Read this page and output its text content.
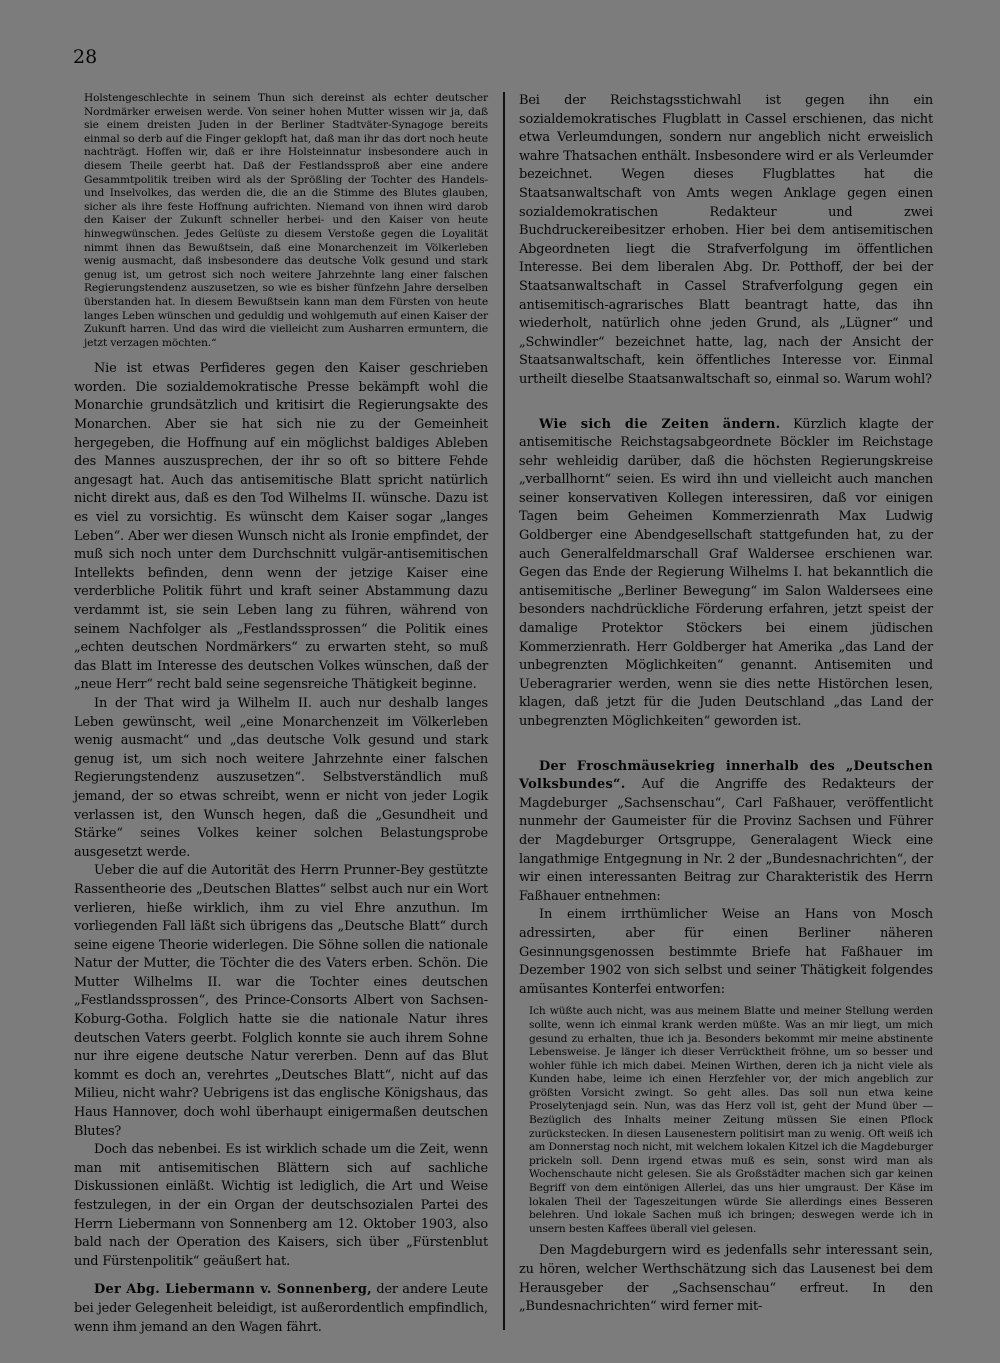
28

Holstengeschlechte in seinem Thun sich dereinst als echter deutscher Nordmärker erweisen werde. Von seiner hohen Mutter wissen wir ja, daß sie einem dreisten Juden in der Berliner Stadtväter-Synagoge bereits einmal so derb auf die Finger geklopft hat, daß man ihr das dort noch heute nachträgt. Hoffen wir, daß er ihre Holsteinnatur insbesondere auch in diesem Theile geerbt hat. Daß der Festlandssproß aber eine andere Gesammtpolitik treiben wird als der Sprößling der Tochter des Handels- und Inselvolkes, das werden die, die an die Stimme des Blutes glauben, sicher als ihre feste Hoffnung aufrichten. Niemand von ihnen wird darob den Kaiser der Zukunft schneller herbei- und den Kaiser von heute hinwegwünschen. Jedes Gelüste zu diesem Verstoße gegen die Loyalität nimmt ihnen das Bewußtsein, daß eine Monarchenzeit im Völkerleben wenig ausmacht, daß insbesondere das deutsche Volk gesund und stark genug ist, um getrost sich noch weitere Jahrzehnte lang einer falschen Regierungstendenz auszusetzen, so wie es bisher fünfzehn Jahre derselben überstanden hat. In diesem Bewußtsein kann man dem Fürsten von heute langes Leben wünschen und geduldig und wohlgemuth auf einen Kaiser der Zukunft harren. Und das wird die vielleicht zum Ausharren ermuntern, die jetzt verzagen möchten.“

Nie ist etwas Perfideres gegen den Kaiser geschrieben worden. Die sozialdemokratische Presse bekämpft wohl die Monarchie grundsätzlich und kritisirt die Regierungsakte des Monarchen. Aber sie hat sich nie zu der Gemeinheit hergegeben, die Hoffnung auf ein möglichst baldiges Ableben des Mannes auszusprechen, der ihr so oft so bittere Fehde angesagt hat. Auch das antisemitische Blatt spricht natürlich nicht direkt aus, daß es den Tod Wilhelms II. wünsche. Dazu ist es viel zu vorsichtig. Es wünscht dem Kaiser sogar „langes Leben“. Aber wer diesen Wunsch nicht als Ironie empfindet, der muß sich noch unter dem Durchschnitt vulgär-antisemitischen Intellekts befinden, denn wenn der jetzige Kaiser eine verderbliche Politik führt und kraft seiner Abstammung dazu verdammt ist, sie sein Leben lang zu führen, während von seinem Nachfolger als „Festlandssprossen“ die Politik eines „echten deutschen Nordmärkers“ zu erwarten steht, so muß das Blatt im Interesse des deutschen Volkes wünschen, daß der „neue Herr“ recht bald seine segensreiche Thätigkeit beginne.

In der That wird ja Wilhelm II. auch nur deshalb langes Leben gewünscht, weil „eine Monarchenzeit im Völkerleben wenig ausmacht“ und „das deutsche Volk gesund und stark genug ist, um sich noch weitere Jahrzehnte einer falschen Regierungstendenz auszusetzen“. Selbstverständlich muß jemand, der so etwas schreibt, wenn er nicht von jeder Logik verlassen ist, den Wunsch hegen, daß die „Gesundheit und Stärke“ seines Volkes keiner solchen Belastungsprobe ausgesetzt werde.

Ueber die auf die Autorität des Herrn Prunner-Bey gestützte Rassentheorie des „Deutschen Blattes“ selbst auch nur ein Wort verlieren, hieße wirklich, ihm zu viel Ehre anzuthun. Im vorliegenden Fall läßt sich übrigens das „Deutsche Blatt“ durch seine eigene Theorie widerlegen. Die Söhne sollen die nationale Natur der Mutter, die Töchter die des Vaters erben. Schön. Die Mutter Wilhelms II. war die Tochter eines deutschen „Festlandssprossen“, des Prince-Consorts Albert von Sachsen-Koburg-Gotha. Folglich hatte sie die nationale Natur ihres deutschen Vaters geerbt. Folglich konnte sie auch ihrem Sohne nur ihre eigene deutsche Natur vererben. Denn auf das Blut kommt es doch an, verehrtes „Deutsches Blatt“, nicht auf das Milieu, nicht wahr? Uebrigens ist das englische Königshaus, das Haus Hannover, doch wohl überhaupt einigermaßen deutschen Blutes?

Doch das nebenbei. Es ist wirklich schade um die Zeit, wenn man mit antisemitischen Blättern sich auf sachliche Diskussionen einläßt. Wichtig ist lediglich, die Art und Weise festzulegen, in der ein Organ der deutschsozialen Partei des Herrn Liebermann von Sonnenberg am 12. Oktober 1903, also bald nach der Operation des Kaisers, sich über „Fürstenblut und Fürstenpolitik“ geäußert hat.

Der Abg. Liebermann v. Sonnenberg, der andere Leute bei jeder Gelegenheit beleidigt, ist außerordentlich empfindlich, wenn ihm jemand an den Wagen fährt.

Bei der Reichstagsstichwahl ist gegen ihn ein sozialdemokratisches Flugblatt in Cassel erschienen, das nicht etwa Verleumdungen, sondern nur angeblich nicht erweislich wahre Thatsachen enthält. Insbesondere wird er als Verleumder bezeichnet. Wegen dieses Flugblattes hat die Staatsanwaltschaft von Amts wegen Anklage gegen einen sozialdemokratischen Redakteur und zwei Buchdruckereibesitzer erhoben. Hier bei dem antisemitischen Abgeordneten liegt die Strafverfolgung im öffentlichen Interesse. Bei dem liberalen Abg. Dr. Potthoff, der bei der Staatsanwaltschaft in Cassel Strafverfolgung gegen ein antisemitisch-agrarisches Blatt beantragt hatte, das ihn wiederholt, natürlich ohne jeden Grund, als „Lügner“ und „Schwindler“ bezeichnet hatte, lag, nach der Ansicht der Staatsanwaltschaft, kein öffentliches Interesse vor. Einmal urtheilt dieselbe Staatsanwaltschaft so, einmal so. Warum wohl?

Wie sich die Zeiten ändern. Kürzlich klagte der antisemitische Reichstagsabgeordnete Böckler im Reichstage sehr wehleidig darüber, daß die höchsten Regierungskreise „verballhornt“ seien. Es wird ihn und vielleicht auch manchen seiner konservativen Kollegen interessiren, daß vor einigen Tagen beim Geheimen Kommerzienrath Max Ludwig Goldberger eine Abendgesellschaft stattgefunden hat, zu der auch Generalfeldmarschall Graf Waldersee erschienen war. Gegen das Ende der Regierung Wilhelms I. hat bekanntlich die antisemitische „Berliner Bewegung“ im Salon Waldersees eine besonders nachdrückliche Förderung erfahren, jetzt speist der damalige Protektor Stöckers bei einem jüdischen Kommerzienrath. Herr Goldberger hat Amerika „das Land der unbegrenzten Möglichkeiten“ genannt. Antisemiten und Ueberagrarier werden, wenn sie dies nette Histörchen lesen, klagen, daß jetzt für die Juden Deutschland „das Land der unbegrenzten Möglichkeiten“ geworden ist.

Der Froschmäusekrieg innerhalb des „Deutschen Volksbundes“. Auf die Angriffe des Redakteurs der Magdeburger „Sachsenschau“, Carl Faßhauer, veröffentlicht nunmehr der Gaumeister für die Provinz Sachsen und Führer der Magdeburger Ortsgruppe, Generalagent Wieck eine langathmige Entgegnung in Nr. 2 der „Bundesnachrichten“, der wir einen interessanten Beitrag zur Charakteristik des Herrn Faßhauer entnehmen:

In einem irrthümlicher Weise an Hans von Mosch adressirten, aber für einen Berliner näheren Gesinnungsgenossen bestimmte Briefe hat Faßhauer im Dezember 1902 von sich selbst und seiner Thätigkeit folgendes amüsantes Konterfei entworfen:

Ich wüßte auch nicht, was aus meinem Blatte und meiner Stellung werden sollte, wenn ich einmal krank werden müßte. Was an mir liegt, um mich gesund zu erhalten, thue ich ja. Besonders bekommt mir meine abstinente Lebensweise. Je länger ich dieser Verrücktheit fröhne, um so besser und wohler fühle ich mich dabei. Meinen Wirthen, deren ich ja nicht viele als Kunden habe, leime ich einen Herzfehler vor, der mich angeblich zur größten Vorsicht zwingt. So geht alles. Das soll nun etwa keine Proselytenjagd sein. Nun, was das Herz voll ist, geht der Mund über — Bezüglich des Inhalts meiner Zeitung müssen Sie einen Pflock zurückstecken. In diesen Lausenestern politisirt man zu wenig. Oft weiß ich am Donnerstag noch nicht, mit welchem lokalen Kitzel ich die Magdeburger prickeln soll. Denn irgend etwas muß es sein, sonst wird man als Wochenschaute nicht gelesen. Sie als Großstädter machen sich gar keinen Begriff von dem eintönigen Allerlei, das uns hier umgraust. Der Käse im lokalen Theil der Tageszeitungen würde Sie allerdings eines Besseren belehren. Und lokale Sachen muß ich bringen; deswegen werde ich in unsern besten Kaffees überall viel gelesen.

Den Magdeburgern wird es jedenfalls sehr interessant sein, zu hören, welcher Werthschätzung sich das Lausenest bei dem Herausgeber der „Sachsenschau“ erfreut. In den „Bundesnachrichten“ wird ferner mit-
